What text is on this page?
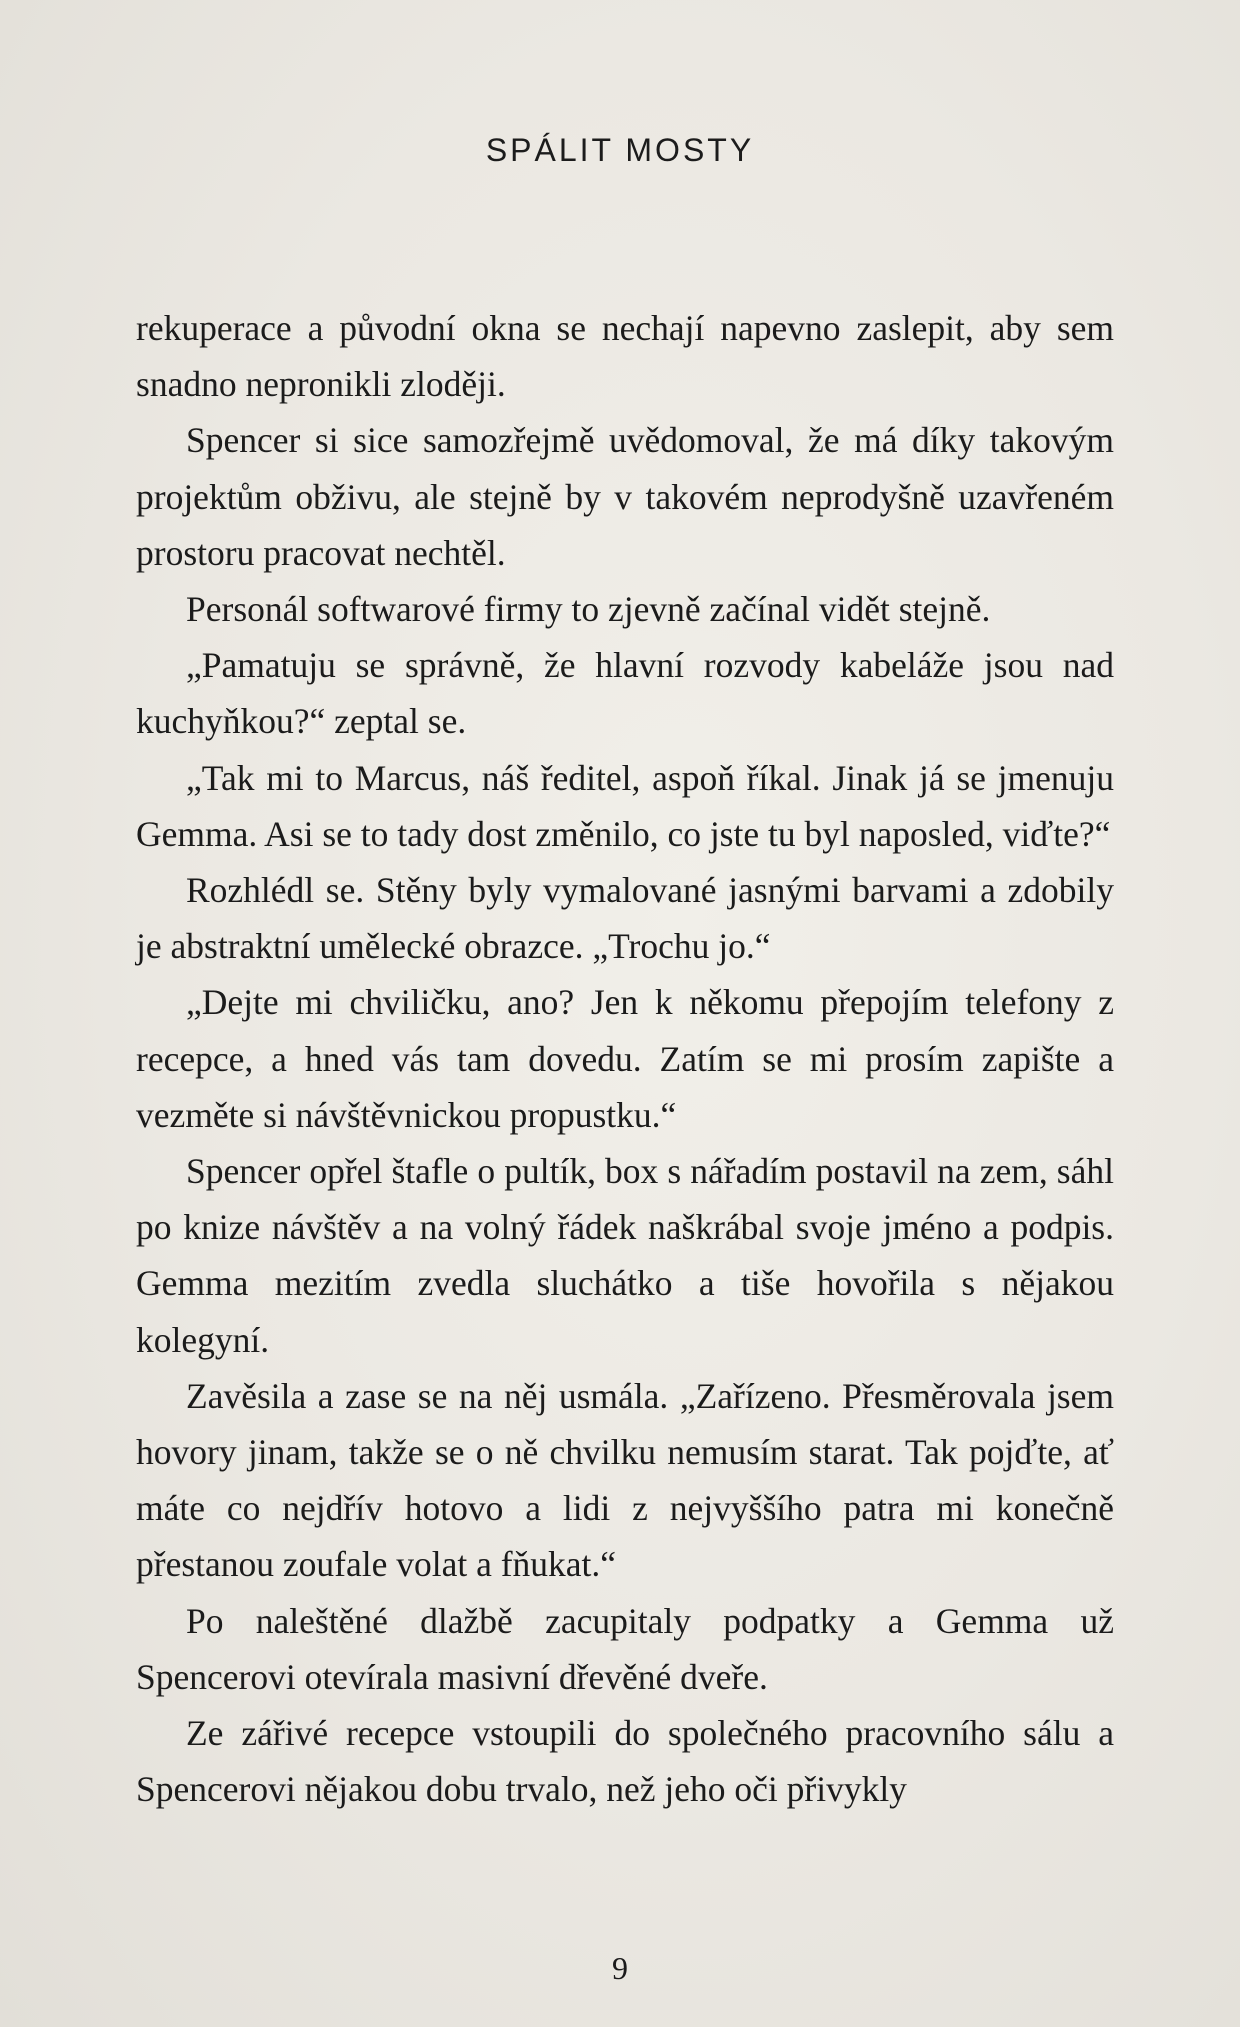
SPÁLIT MOSTY

rekuperace a původní okna se nechají napevno zaslepit, aby sem snadno nepronikli zloději.

Spencer si sice samozřejmě uvědomoval, že má díky takovým projektům obživu, ale stejně by v takovém neprodyšně uzavřeném prostoru pracovat nechtěl.

Personál softwarové firmy to zjevně začínal vidět stejně.

„Pamatuju se správně, že hlavní rozvody kabeláže jsou nad kuchyňkou?“ zeptal se.

„Tak mi to Marcus, náš ředitel, aspoň říkal. Jinak já se jmenuju Gemma. Asi se to tady dost změnilo, co jste tu byl naposled, viďte?“

Rozhlédl se. Stěny byly vymalované jasnými barvami a zdobily je abstraktní umělecké obrazce. „Trochu jo.“

„Dejte mi chviličku, ano? Jen k někomu přepojím telefony z recepce, a hned vás tam dovedu. Zatím se mi prosím zapište a vezměte si návštěvnickou propustku.“

Spencer opřel štafle o pultík, box s nářadím postavil na zem, sáhl po knize návštěv a na volný řádek naškrábal svoje jméno a podpis. Gemma mezitím zvedla sluchátko a tiše hovořila s nějakou kolegyní.

Zavěsila a zase se na něj usmála. „Zařízeno. Přesměrovala jsem hovory jinam, takže se o ně chvilku nemusím starat. Tak pojďte, ať máte co nejdřív hotovo a lidi z nejvyššího patra mi konečně přestanou zoufale volat a fňukat.“

Po naleštěné dlažbě zacupitaly podpatky a Gemma už Spencerovi otevírala masivní dřevěné dveře.

Ze zářivé recepce vstoupili do společného pracovního sálu a Spencerovi nějakou dobu trvalo, než jeho oči přivykly

9
